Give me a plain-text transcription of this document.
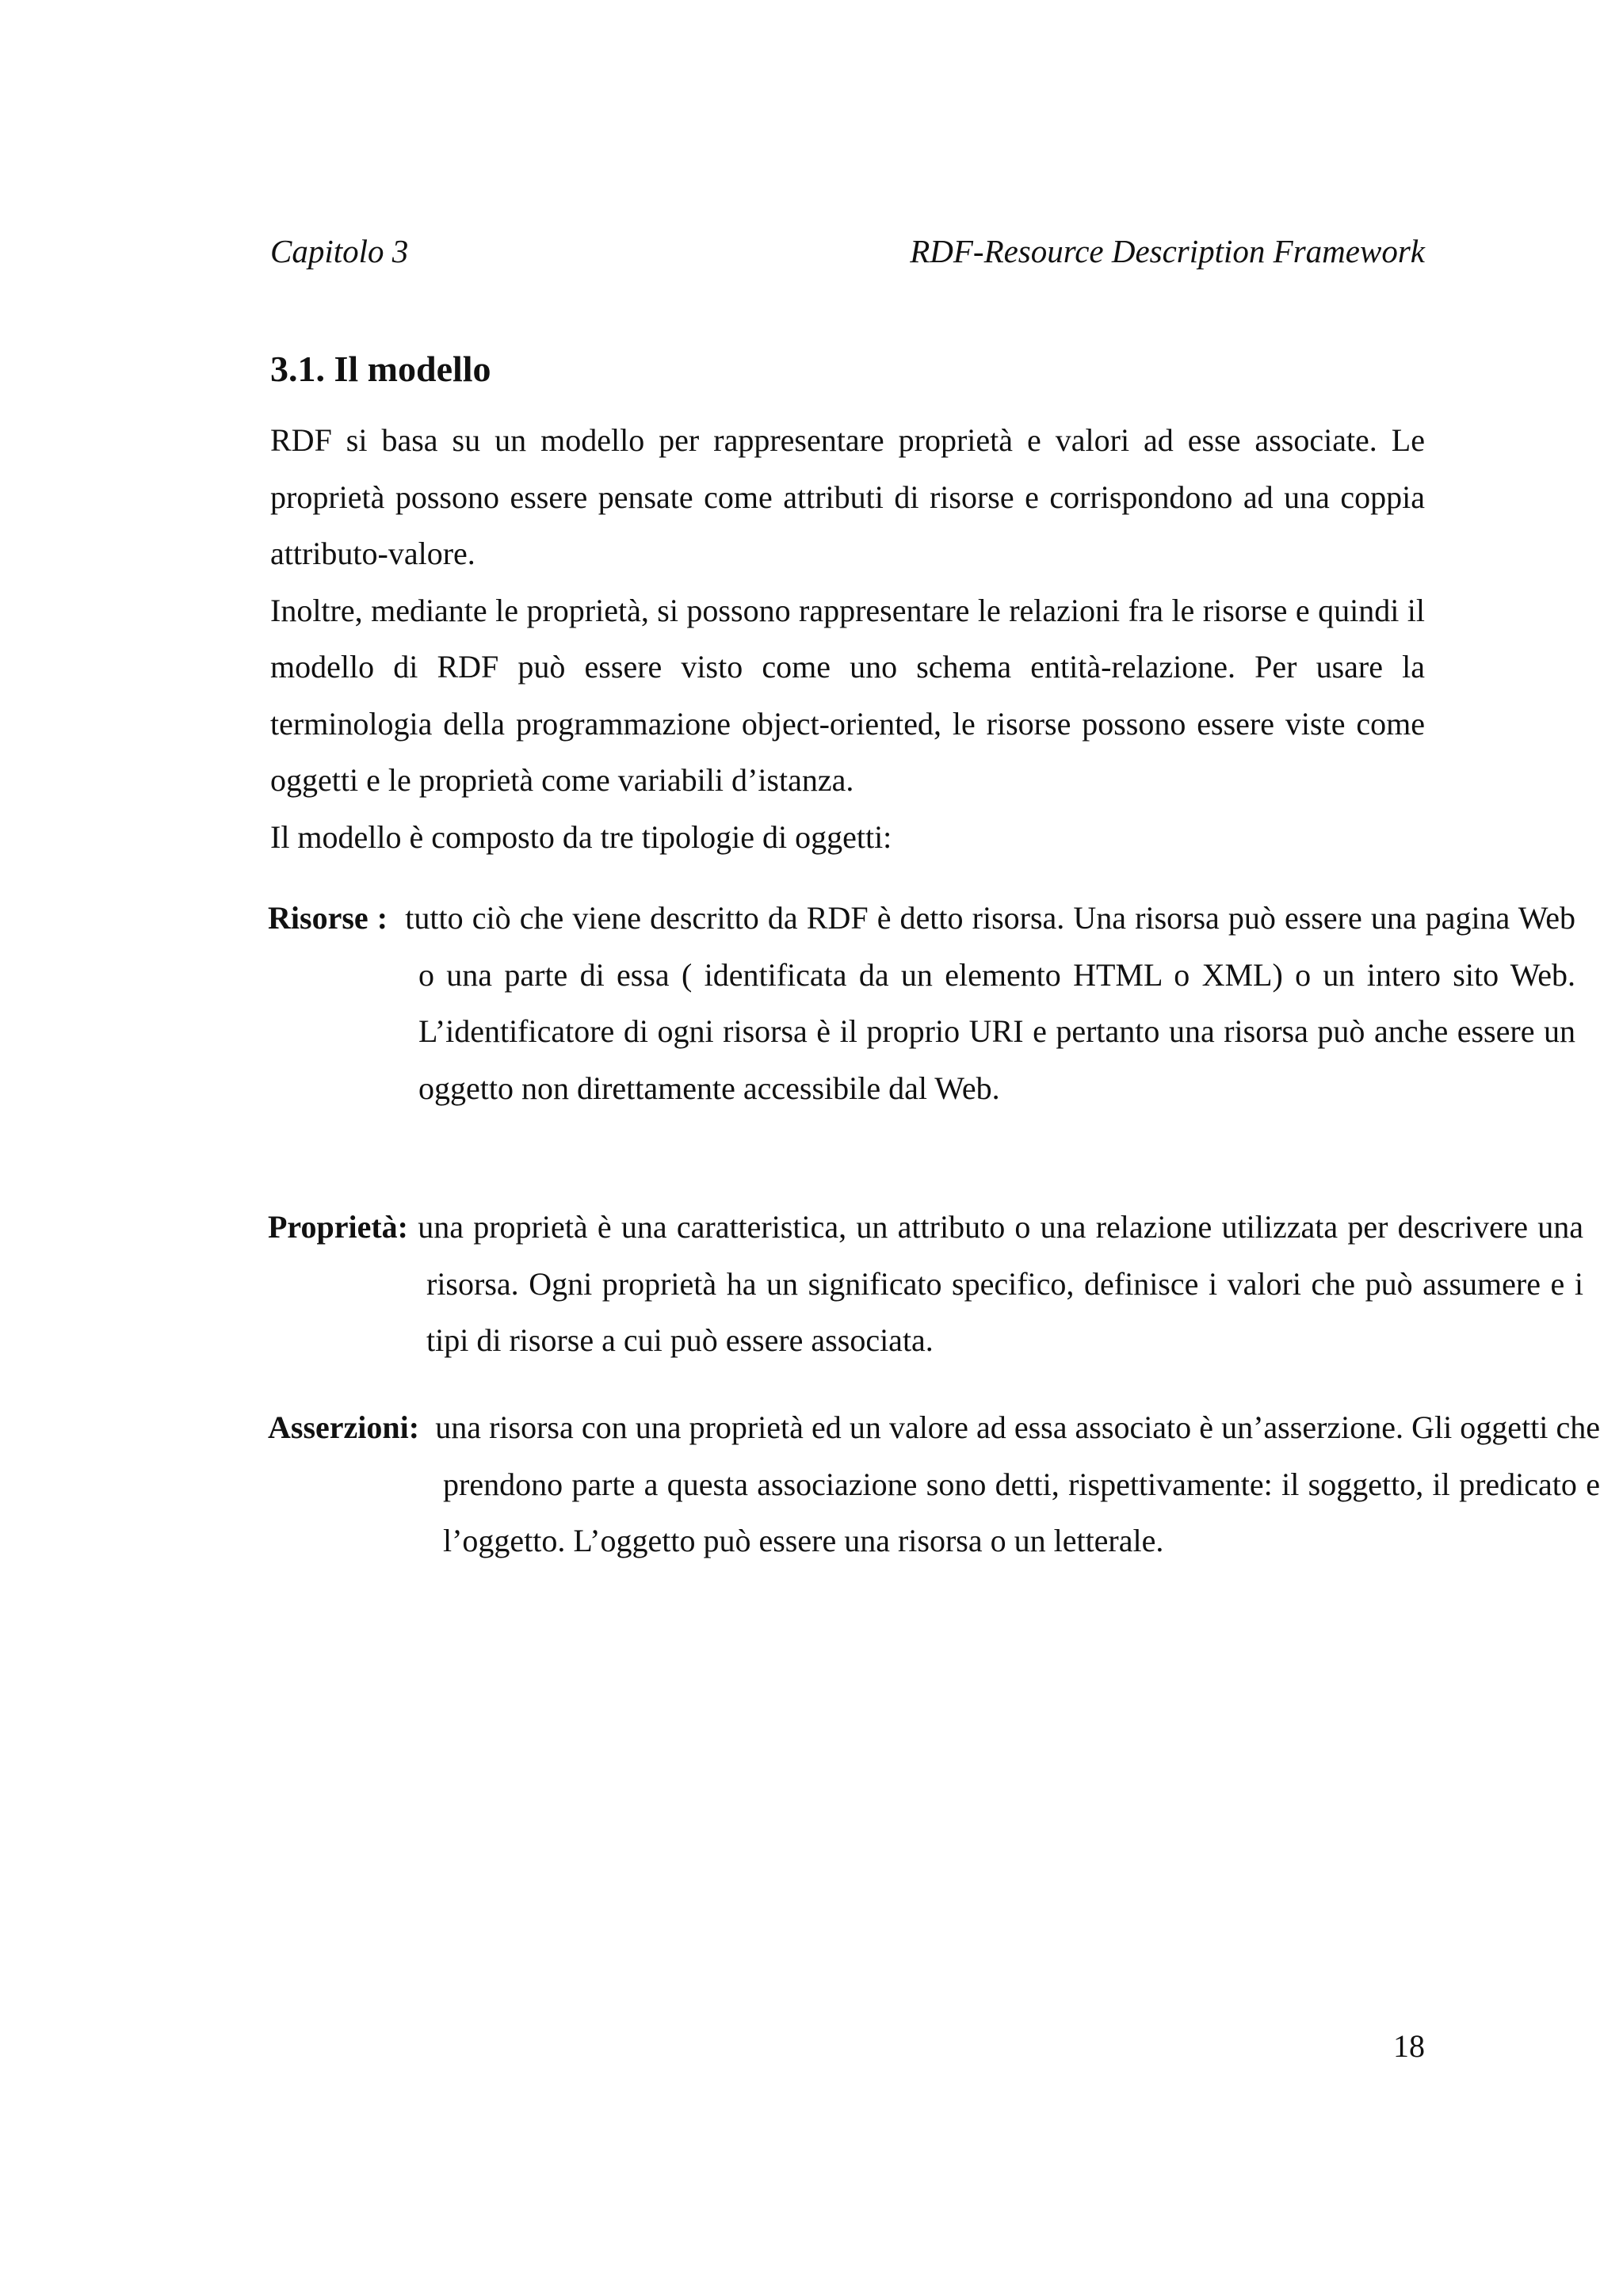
Capitolo 3	RDF-Resource Description Framework
3.1. Il modello

RDF si basa su un modello per rappresentare proprietà e valori ad esse associate. Le proprietà possono essere pensate come attributi di risorse e corrispondono ad una coppia attributo-valore.

Inoltre, mediante le proprietà, si possono rappresentare le relazioni fra le risorse e quindi il modello di RDF può essere visto come uno schema entità-relazione. Per usare la terminologia della programmazione object-oriented, le risorse possono essere viste come oggetti e le proprietà come variabili d’istanza.

Il modello è composto da tre tipologie di oggetti:

Risorse : tutto ciò che viene descritto da RDF è detto risorsa. Una risorsa può essere una pagina Web o una parte di essa ( identificata da un elemento HTML o XML) o un intero sito Web. L’identificatore di ogni risorsa è il proprio URI e pertanto una risorsa può anche essere un oggetto non direttamente accessibile dal Web.
Proprietà: una proprietà è una caratteristica, un attributo o una relazione utilizzata per descrivere una risorsa. Ogni proprietà ha un significato specifico, definisce i valori che può assumere e i tipi di risorse a cui può essere associata.
Asserzioni: una risorsa con una proprietà ed un valore ad essa associato è un’asserzione. Gli oggetti che prendono parte a questa associazione sono detti, rispettivamente: il soggetto, il predicato e l’oggetto. L’oggetto può essere una risorsa o un letterale.
18
